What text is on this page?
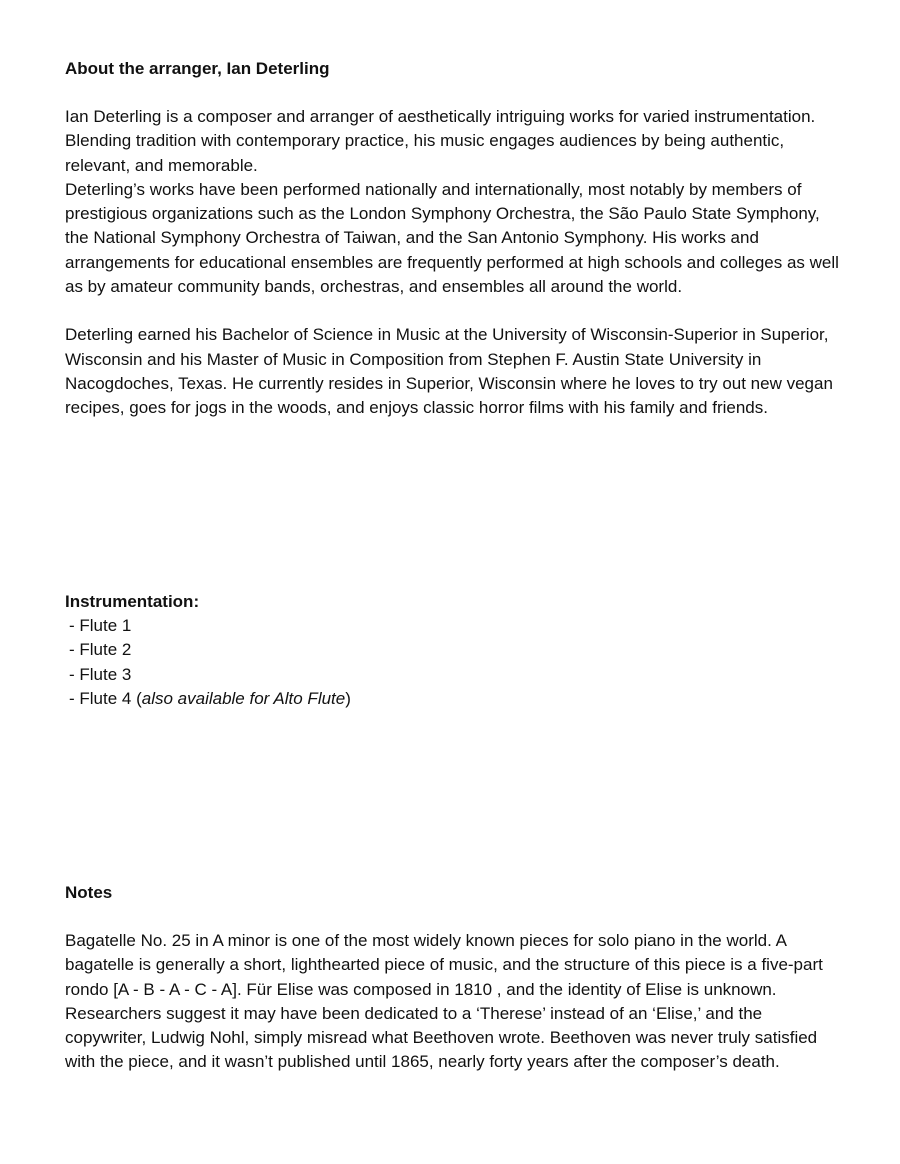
About the arranger, Ian Deterling

Ian Deterling is a composer and arranger of aesthetically intriguing works for varied instrumentation. Blending tradition with contemporary practice, his music engages audiences by being authentic, relevant, and memorable.

Deterling’s works have been performed nationally and internationally, most notably by members of prestigious organizations such as the London Symphony Orchestra, the São Paulo State Symphony, the National Symphony Orchestra of Taiwan, and the San Antonio Symphony. His works and arrangements for educational ensembles are frequently performed at high schools and colleges as well as by amateur community bands, orchestras, and ensembles all around the world.

Deterling earned his Bachelor of Science in Music at the University of Wisconsin-Superior in Superior, Wisconsin and his Master of Music in Composition from Stephen F. Austin State University in Nacogdoches, Texas. He currently resides in Superior, Wisconsin where he loves to try out new vegan recipes, goes for jogs in the woods, and enjoys classic horror films with his family and friends.

Instrumentation:

- Flute 1
- Flute 2
- Flute 3
- Flute 4 (also available for Alto Flute)

Notes

Bagatelle No. 25 in A minor is one of the most widely known pieces for solo piano in the world. A bagatelle is generally a short, lighthearted piece of music, and the structure of this piece is a five-part rondo [A - B - A - C - A]. Für Elise was composed in 1810 , and the identity of Elise is unknown. Researchers suggest it may have been dedicated to a ‘Therese’ instead of an ‘Elise,’ and the copywriter, Ludwig Nohl, simply misread what Beethoven wrote. Beethoven was never truly satisfied with the piece, and it wasn’t published until 1865, nearly forty years after the composer’s death.
